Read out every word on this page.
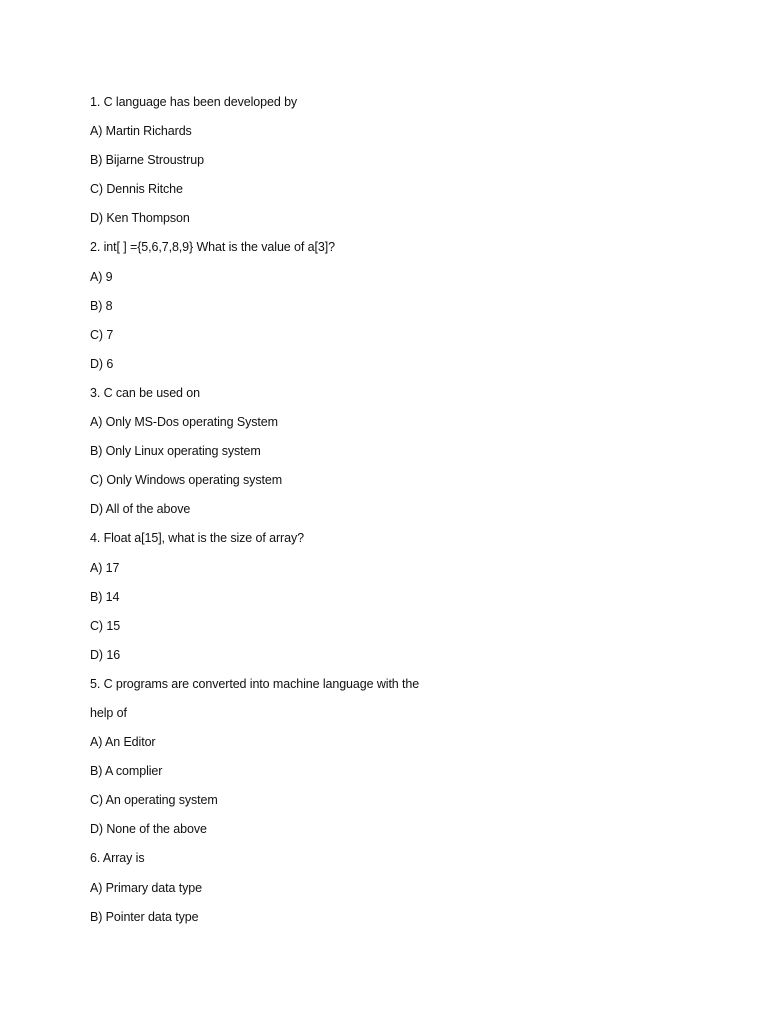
1. C language has been developed by
A) Martin Richards
B) Bijarne Stroustrup
C) Dennis Ritche
D) Ken Thompson
2. int[ ] ={5,6,7,8,9} What is the value of a[3]?
A) 9
B) 8
C) 7
D) 6
3. C can be used on
A) Only MS-Dos operating System
B) Only Linux operating system
C) Only Windows operating system
D) All of the above
4. Float a[15], what is the size of array?
A) 17
B) 14
C) 15
D) 16
5. C programs are converted into machine language with the
help of
A) An Editor
B) A complier
C) An operating system
D) None of the above
6. Array is
A) Primary data type
B) Pointer data type
